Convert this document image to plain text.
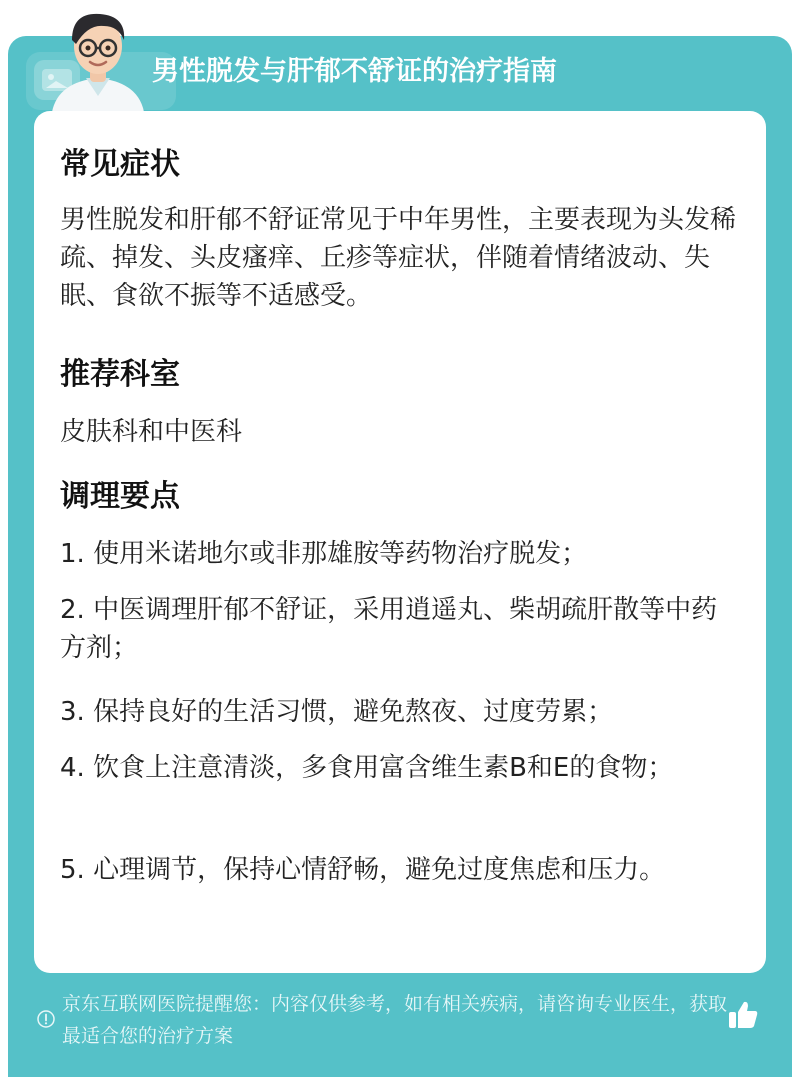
男性脱发与肝郁不舒证的治疗指南
常见症状
男性脱发和肝郁不舒证常见于中年男性，主要表现为头发稀疏、掉发、头皮瘙痒、丘疹等症状，伴随着情绪波动、失眠、食欲不振等不适感受。
推荐科室
皮肤科和中医科
调理要点
1. 使用米诺地尔或非那雄胺等药物治疗脱发；
2. 中医调理肝郁不舒证，采用逍遥丸、柴胡疏肝散等中药方剂；
3. 保持良好的生活习惯，避免熬夜、过度劳累；
4. 饮食上注意清淡，多食用富含维生素B和E的食物；
5. 心理调节，保持心情舒畅，避免过度焦虑和压力。
京东互联网医院提醒您：内容仅供参考，如有相关疾病，请咨询专业医生，获取最适合您的治疗方案
